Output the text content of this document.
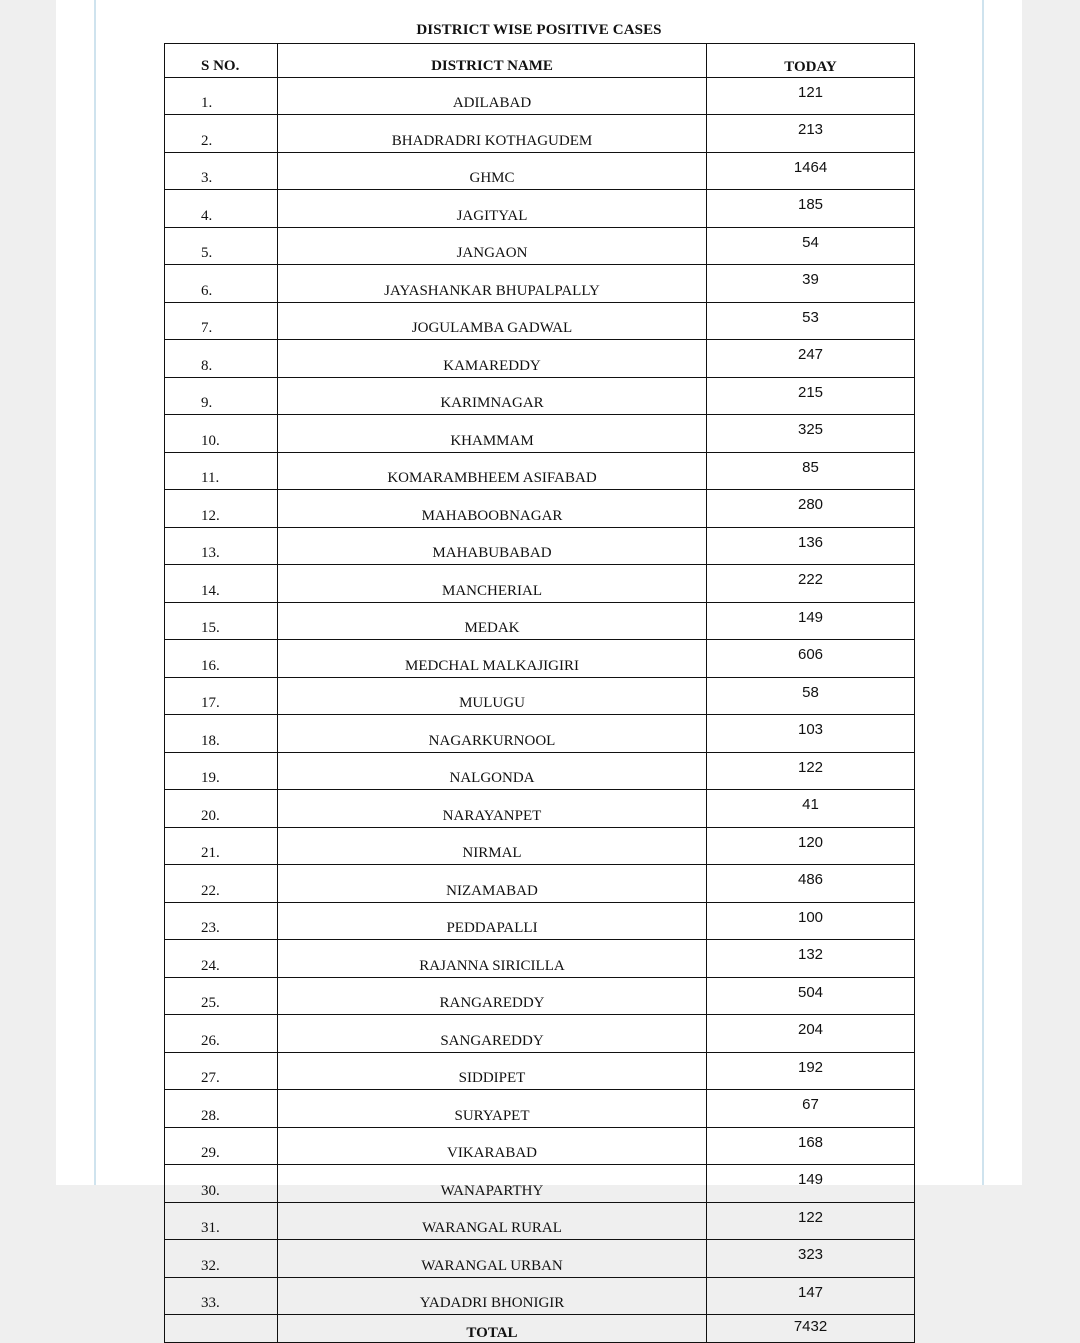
DISTRICT WISE POSITIVE CASES
S NO.	DISTRICT NAME	TODAY
1.	ADILABAD	121
2.	BHADRADRI KOTHAGUDEM	213
3.	GHMC	1464
4.	JAGITYAL	185
5.	JANGAON	54
6.	JAYASHANKAR BHUPALPALLY	39
7.	JOGULAMBA GADWAL	53
8.	KAMAREDDY	247
9.	KARIMNAGAR	215
10.	KHAMMAM	325
11.	KOMARAMBHEEM ASIFABAD	85
12.	MAHABOOBNAGAR	280
13.	MAHABUBABAD	136
14.	MANCHERIAL	222
15.	MEDAK	149
16.	MEDCHAL MALKAJIGIRI	606
17.	MULUGU	58
18.	NAGARKURNOOL	103
19.	NALGONDA	122
20.	NARAYANPET	41
21.	NIRMAL	120
22.	NIZAMABAD	486
23.	PEDDAPALLI	100
24.	RAJANNA SIRICILLA	132
25.	RANGAREDDY	504
26.	SANGAREDDY	204
27.	SIDDIPET	192
28.	SURYAPET	67
29.	VIKARABAD	168
30.	WANAPARTHY	149
31.	WARANGAL RURAL	122
32.	WARANGAL URBAN	323
33.	YADADRI BHONIGIR	147
	TOTAL	7432
